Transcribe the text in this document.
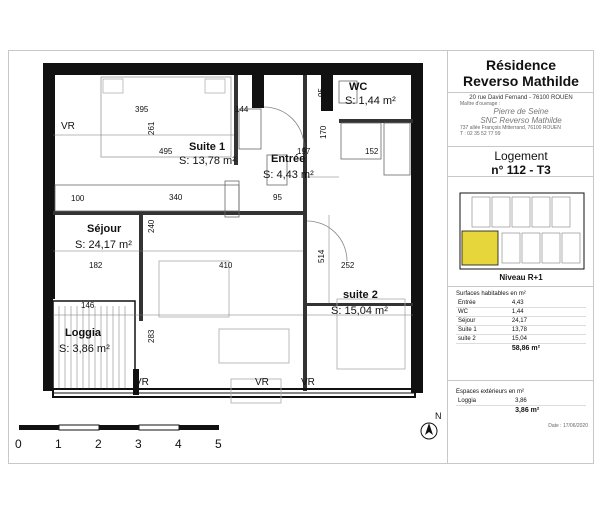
Suite 1
S: 13,78 m²
WC
S: 1,44 m²
Entrée
S: 4,43 m²
Séjour
S: 24,17 m²
suite 2
S: 15,04 m²
Loggia
S: 3,86 m²
VR
VR	VR	VR
395	144
261
495
95
170
197	152
340
100	95
240
514
182	410	252
146
283
0	1	2	3	4	5
N
Résidence
Reverso Mathilde
20 rue David Fernand - 76100 ROUEN
Maître d'ouvrage :
Pierre de Seine
SNC Reverso Mathilde
737 allée François Mitterrand, 76100 ROUEN
T : 02 35 52 77 99
Logement
n° 112 - T3
Niveau R+1
Surfaces habitables en m²
Entrée	4,43
WC	1,44
Séjour	24,17
Suite 1	13,78
suite 2	15,04
	58,86 m²
Espaces extérieurs en m²
Loggia	3,86
	3,86 m²
Date : 17/06/2020
